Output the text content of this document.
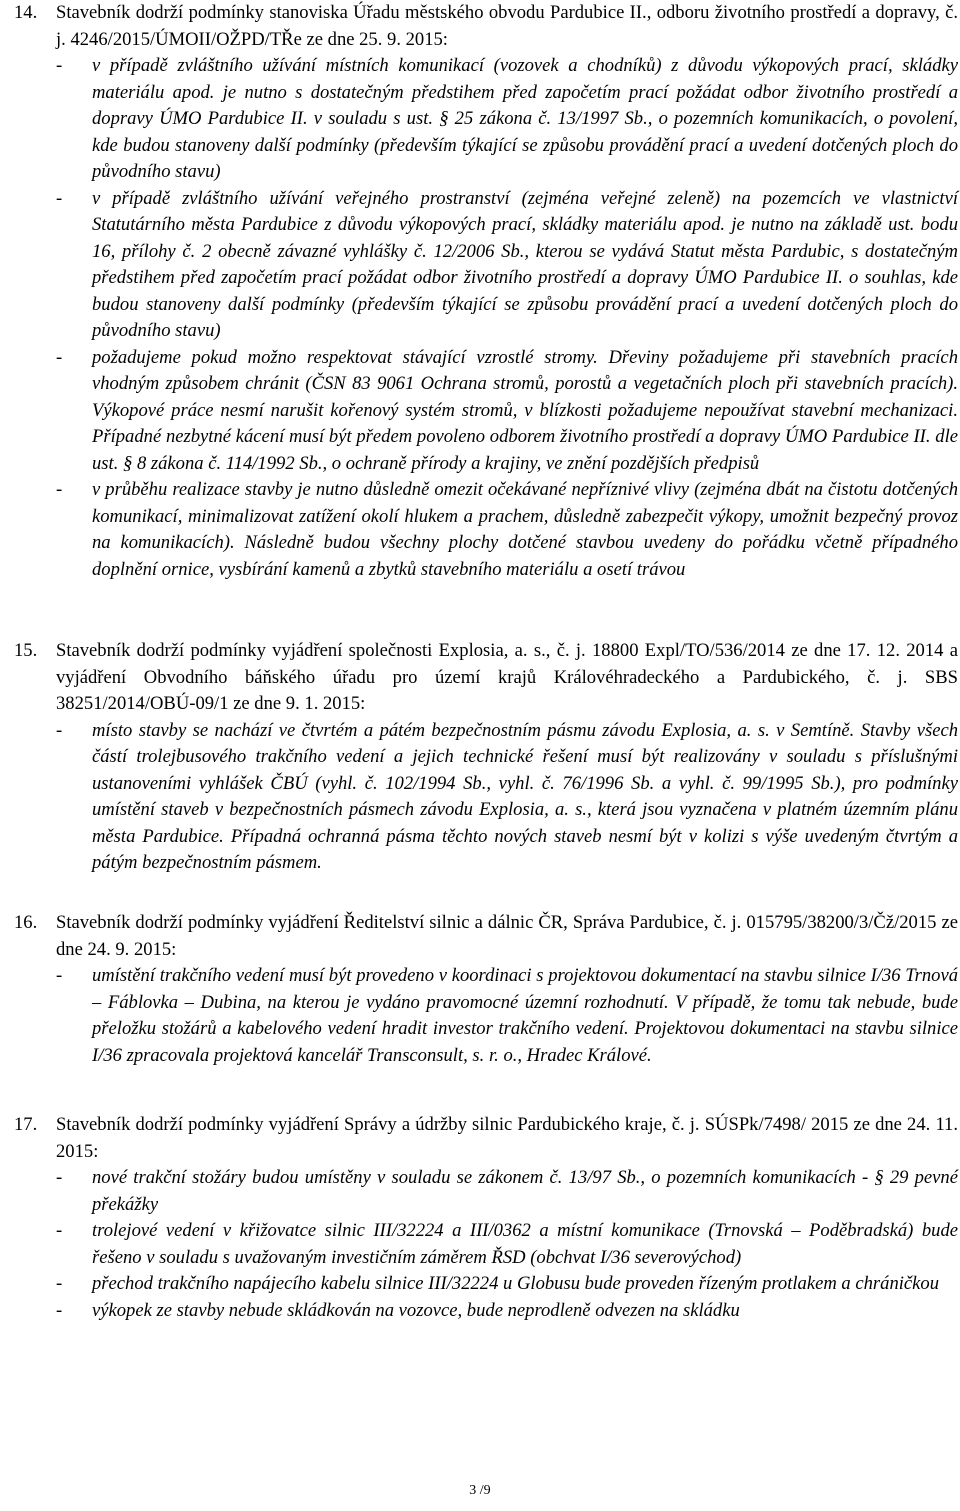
14. Stavebník dodrží podmínky stanoviska Úřadu městského obvodu Pardubice II., odboru životního prostředí a dopravy, č. j. 4246/2015/ÚMOII/OŽPD/TŘe ze dne 25. 9. 2015:
- v případě zvláštního užívání místních komunikací (vozovek a chodníků) z důvodu výkopových prací, skládky materiálu apod. je nutno s dostatečným předstihem před započetím prací požádat odbor životního prostředí a dopravy ÚMO Pardubice II. v souladu s ust. § 25 zákona č. 13/1997 Sb., o pozemních komunikacích, o povolení, kde budou stanoveny další podmínky (především týkající se způsobu provádění prací a uvedení dotčených ploch do původního stavu)
- v případě zvláštního užívání veřejného prostranství (zejména veřejné zeleně) na pozemcích ve vlastnictví Statutárního města Pardubice z důvodu výkopových prací, skládky materiálu apod. je nutno na základě ust. bodu 16, přílohy č. 2 obecně závazné vyhlášky č. 12/2006 Sb., kterou se vydává Statut města Pardubic, s dostatečným předstihem před započetím prací požádat odbor životního prostředí a dopravy ÚMO Pardubice II. o souhlas, kde budou stanoveny další podmínky (především týkající se způsobu provádění prací a uvedení dotčených ploch do původního stavu)
- požadujeme pokud možno respektovat stávající vzrostlé stromy. Dřeviny požadujeme při stavebních pracích vhodným způsobem chránit (ČSN 83 9061 Ochrana stromů, porostů a vegetačních ploch při stavebních pracích). Výkopové práce nesmí narušit kořenový systém stromů, v blízkosti požadujeme nepoužívat stavební mechanizaci. Případné nezbytné kácení musí být předem povoleno odborem životního prostředí a dopravy ÚMO Pardubice II. dle ust. § 8 zákona č. 114/1992 Sb., o ochraně přírody a krajiny, ve znění pozdějších předpisů
- v průběhu realizace stavby je nutno důsledně omezit očekávané nepříznivé vlivy (zejména dbát na čistotu dotčených komunikací, minimalizovat zatížení okolí hlukem a prachem, důsledně zabezpečit výkopy, umožnit bezpečný provoz na komunikacích). Následně budou všechny plochy dotčené stavbou uvedeny do pořádku včetně případného doplnění ornice, vysbírání kamenů a zbytků stavebního materiálu a osetí trávou
15. Stavebník dodrží podmínky vyjádření společnosti Explosia, a. s., č. j. 18800 Expl/TO/536/2014 ze dne 17. 12. 2014 a vyjádření Obvodního báňského úřadu pro území krajů Královéhradeckého a Pardubického, č. j. SBS 38251/2014/OBÚ-09/1 ze dne 9. 1. 2015:
- místo stavby se nachází ve čtvrtém a pátém bezpečnostním pásmu závodu Explosia, a. s. v Semtíně. Stavby všech částí trolejbusového trakčního vedení a jejich technické řešení musí být realizovány v souladu s příslušnými ustanoveními vyhlášek ČBÚ (vyhl. č. 102/1994 Sb., vyhl. č. 76/1996 Sb. a vyhl. č. 99/1995 Sb.), pro podmínky umístění staveb v bezpečnostních pásmech závodu Explosia, a. s., která jsou vyznačena v platném územním plánu města Pardubice. Případná ochranná pásma těchto nových staveb nesmí být v kolizi s výše uvedeným čtvrtým a pátým bezpečnostním pásmem.
16. Stavebník dodrží podmínky vyjádření Ředitelství silnic a dálnic ČR, Správa Pardubice, č. j. 015795/38200/3/Čž/2015 ze dne 24. 9. 2015:
- umístění trakčního vedení musí být provedeno v koordinaci s projektovou dokumentací na stavbu silnice I/36 Trnová – Fáblovka – Dubina, na kterou je vydáno pravomocné územní rozhodnutí. V případě, že tomu tak nebude, bude přeložku stožárů a kabelového vedení hradit investor trakčního vedení. Projektovou dokumentaci na stavbu silnice I/36 zpracovala projektová kancelář Transconsult, s. r. o., Hradec Králové.
17. Stavebník dodrží podmínky vyjádření Správy a údržby silnic Pardubického kraje, č. j. SÚSPk/7498/ 2015 ze dne 24. 11. 2015:
- nové trakční stožáry budou umístěny v souladu se zákonem č. 13/97 Sb., o pozemních komunikacích - § 29 pevné překážky
- trolejové vedení v křižovatce silnic III/32224 a III/0362 a místní komunikace (Trnovská – Poděbradská) bude řešeno v souladu s uvažovaným investičním záměrem ŘSD (obchvat I/36 severovýchod)
- přechod trakčního napájecího kabelu silnice III/32224 u Globusu bude proveden řízeným protlakem a chráničkou
- výkopek ze stavby nebude skládkován na vozovce, bude neprodleně odvezen na skládku
3 /9
